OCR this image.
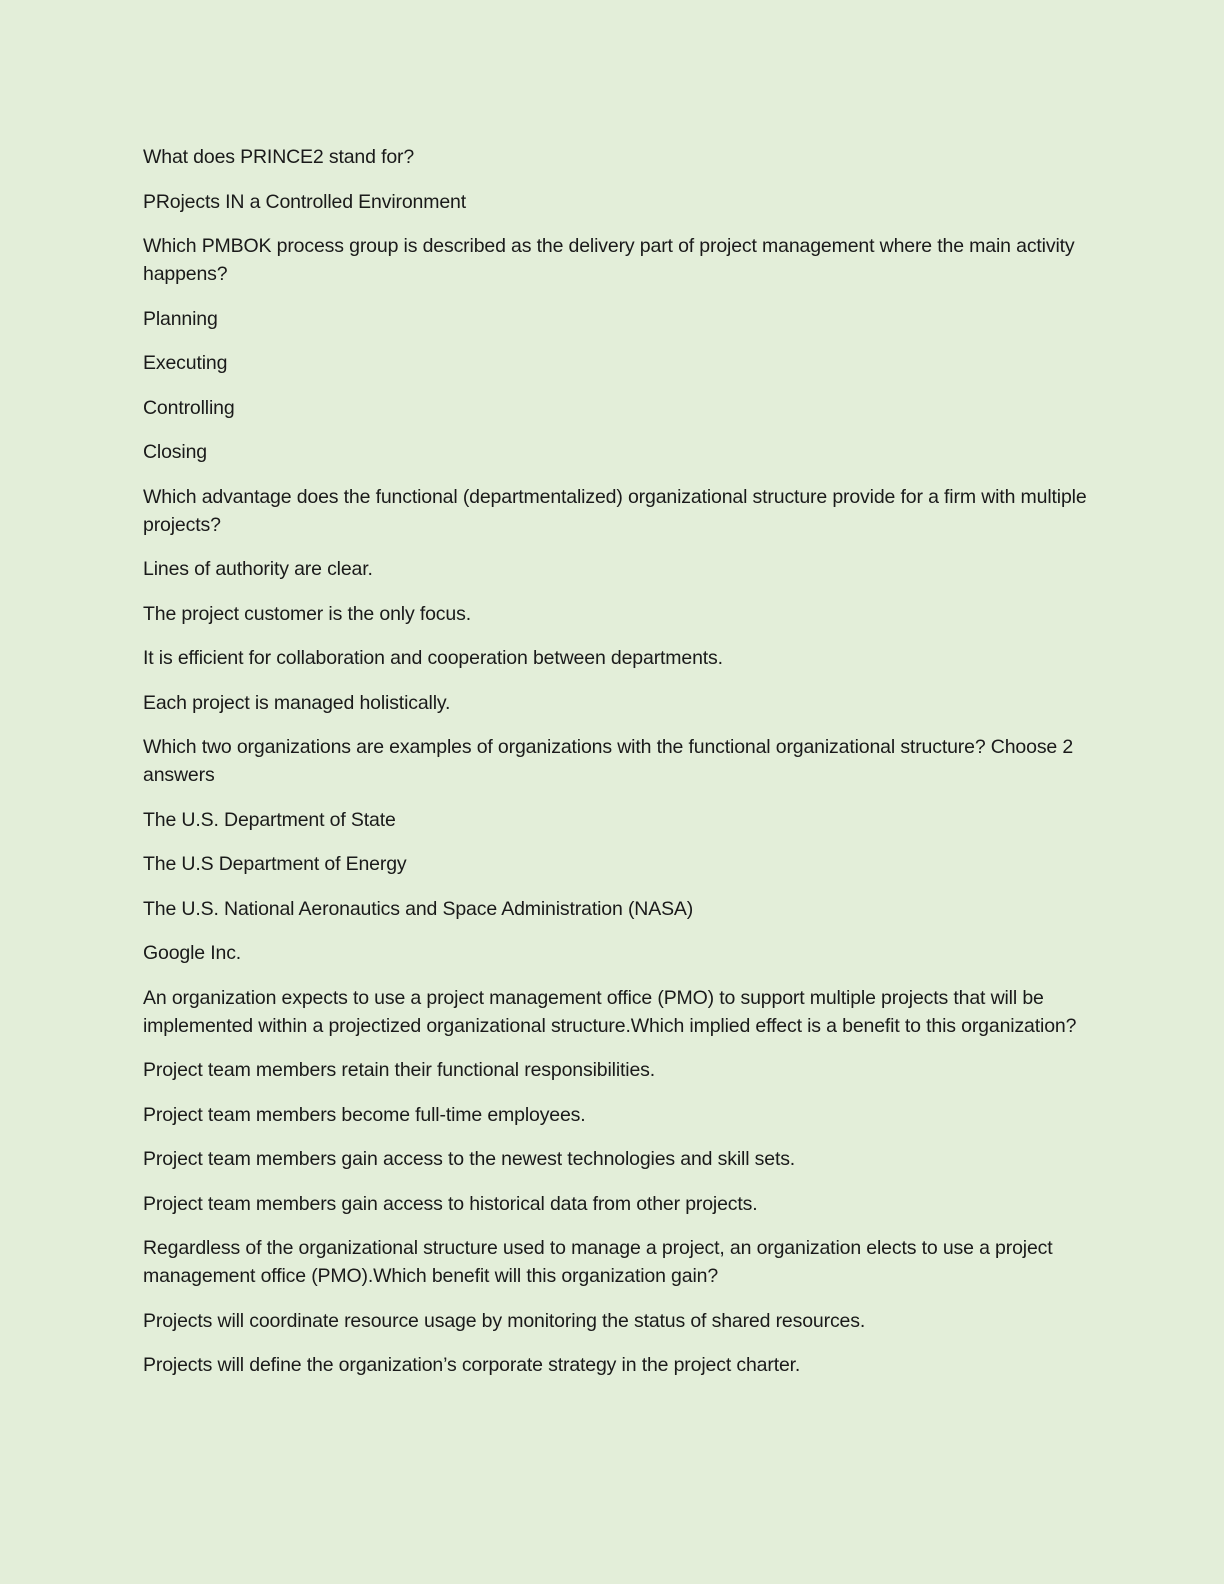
What does PRINCE2 stand for?

PRojects IN a Controlled Environment

Which PMBOK process group is described as the delivery part of project management where the main activity happens?

Planning

Executing

Controlling

Closing

Which advantage does the functional (departmentalized) organizational structure provide for a firm with multiple projects?

Lines of authority are clear.

The project customer is the only focus.

It is efficient for collaboration and cooperation between departments.

Each project is managed holistically.

Which two organizations are examples of organizations with the functional organizational structure? Choose 2 answers

The U.S. Department of State

The U.S Department of Energy

The U.S. National Aeronautics and Space Administration (NASA)

Google Inc.

An organization expects to use a project management office (PMO) to support multiple projects that will be implemented within a projectized organizational structure.Which implied effect is a benefit to this organization?

Project team members retain their functional responsibilities.

Project team members become full-time employees.

Project team members gain access to the newest technologies and skill sets.

Project team members gain access to historical data from other projects.

Regardless of the organizational structure used to manage a project, an organization elects to use a project management office (PMO).Which benefit will this organization gain?

Projects will coordinate resource usage by monitoring the status of shared resources.

Projects will define the organization’s corporate strategy in the project charter.
